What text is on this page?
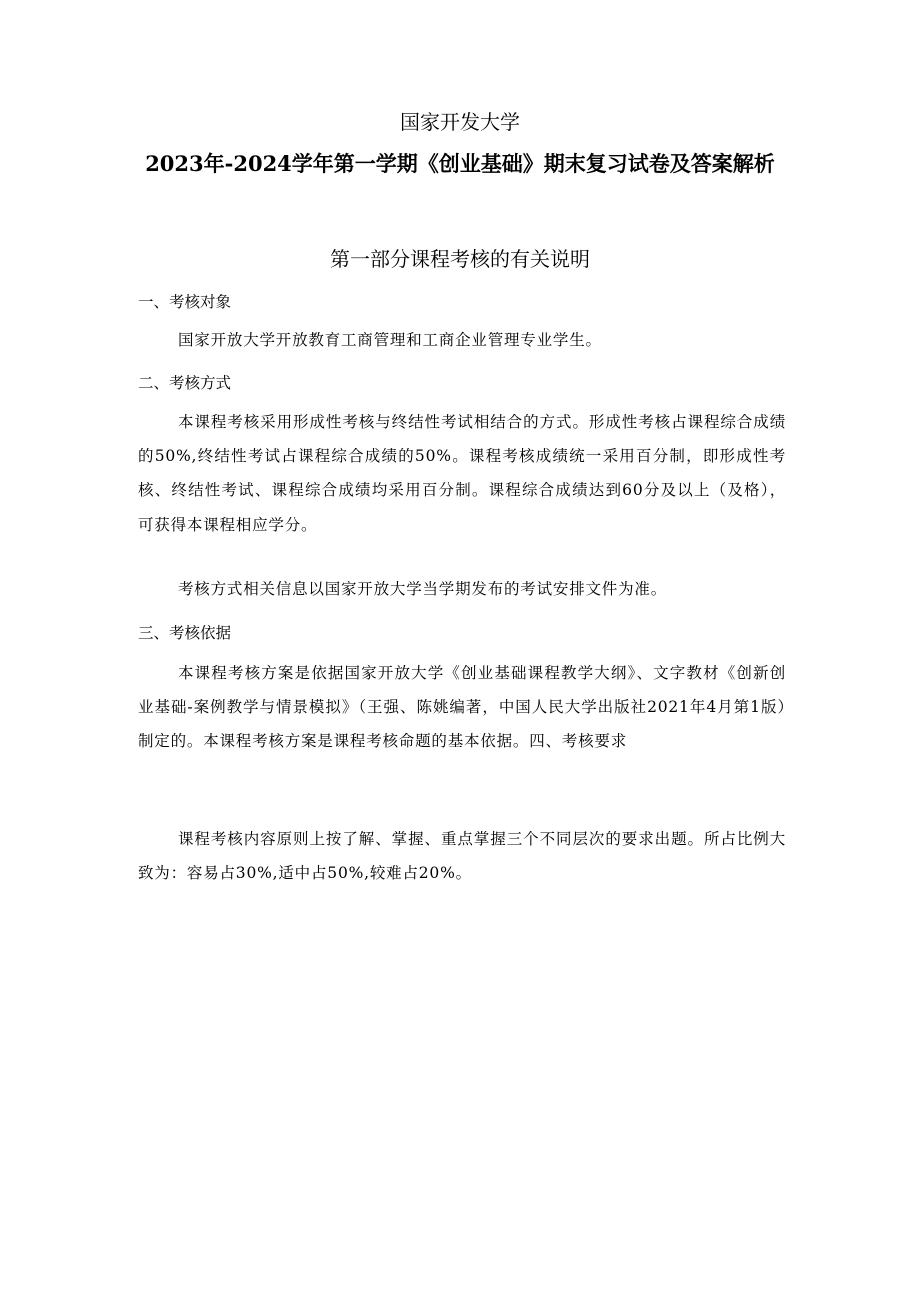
国家开发大学
2023年-2024学年第一学期《创业基础》期末复习试卷及答案解析
第一部分课程考核的有关说明
一、考核对象
国家开放大学开放教育工商管理和工商企业管理专业学生。
二、考核方式
本课程考核采用形成性考核与终结性考试相结合的方式。形成性考核占课程综合成绩的50%,终结性考试占课程综合成绩的50%。课程考核成绩统一采用百分制，即形成性考核、终结性考试、课程综合成绩均采用百分制。课程综合成绩达到60分及以上（及格），可获得本课程相应学分。
考核方式相关信息以国家开放大学当学期发布的考试安排文件为准。
三、考核依据
本课程考核方案是依据国家开放大学《创业基础课程教学大纲》、文字教材《创新创业基础-案例教学与情景模拟》（王强、陈姚编著，中国人民大学出版社2021年4月第1版）制定的。本课程考核方案是课程考核命题的基本依据。四、考核要求
课程考核内容原则上按了解、掌握、重点掌握三个不同层次的要求出题。所占比例大致为：容易占30%,适中占50%,较难占20%。
